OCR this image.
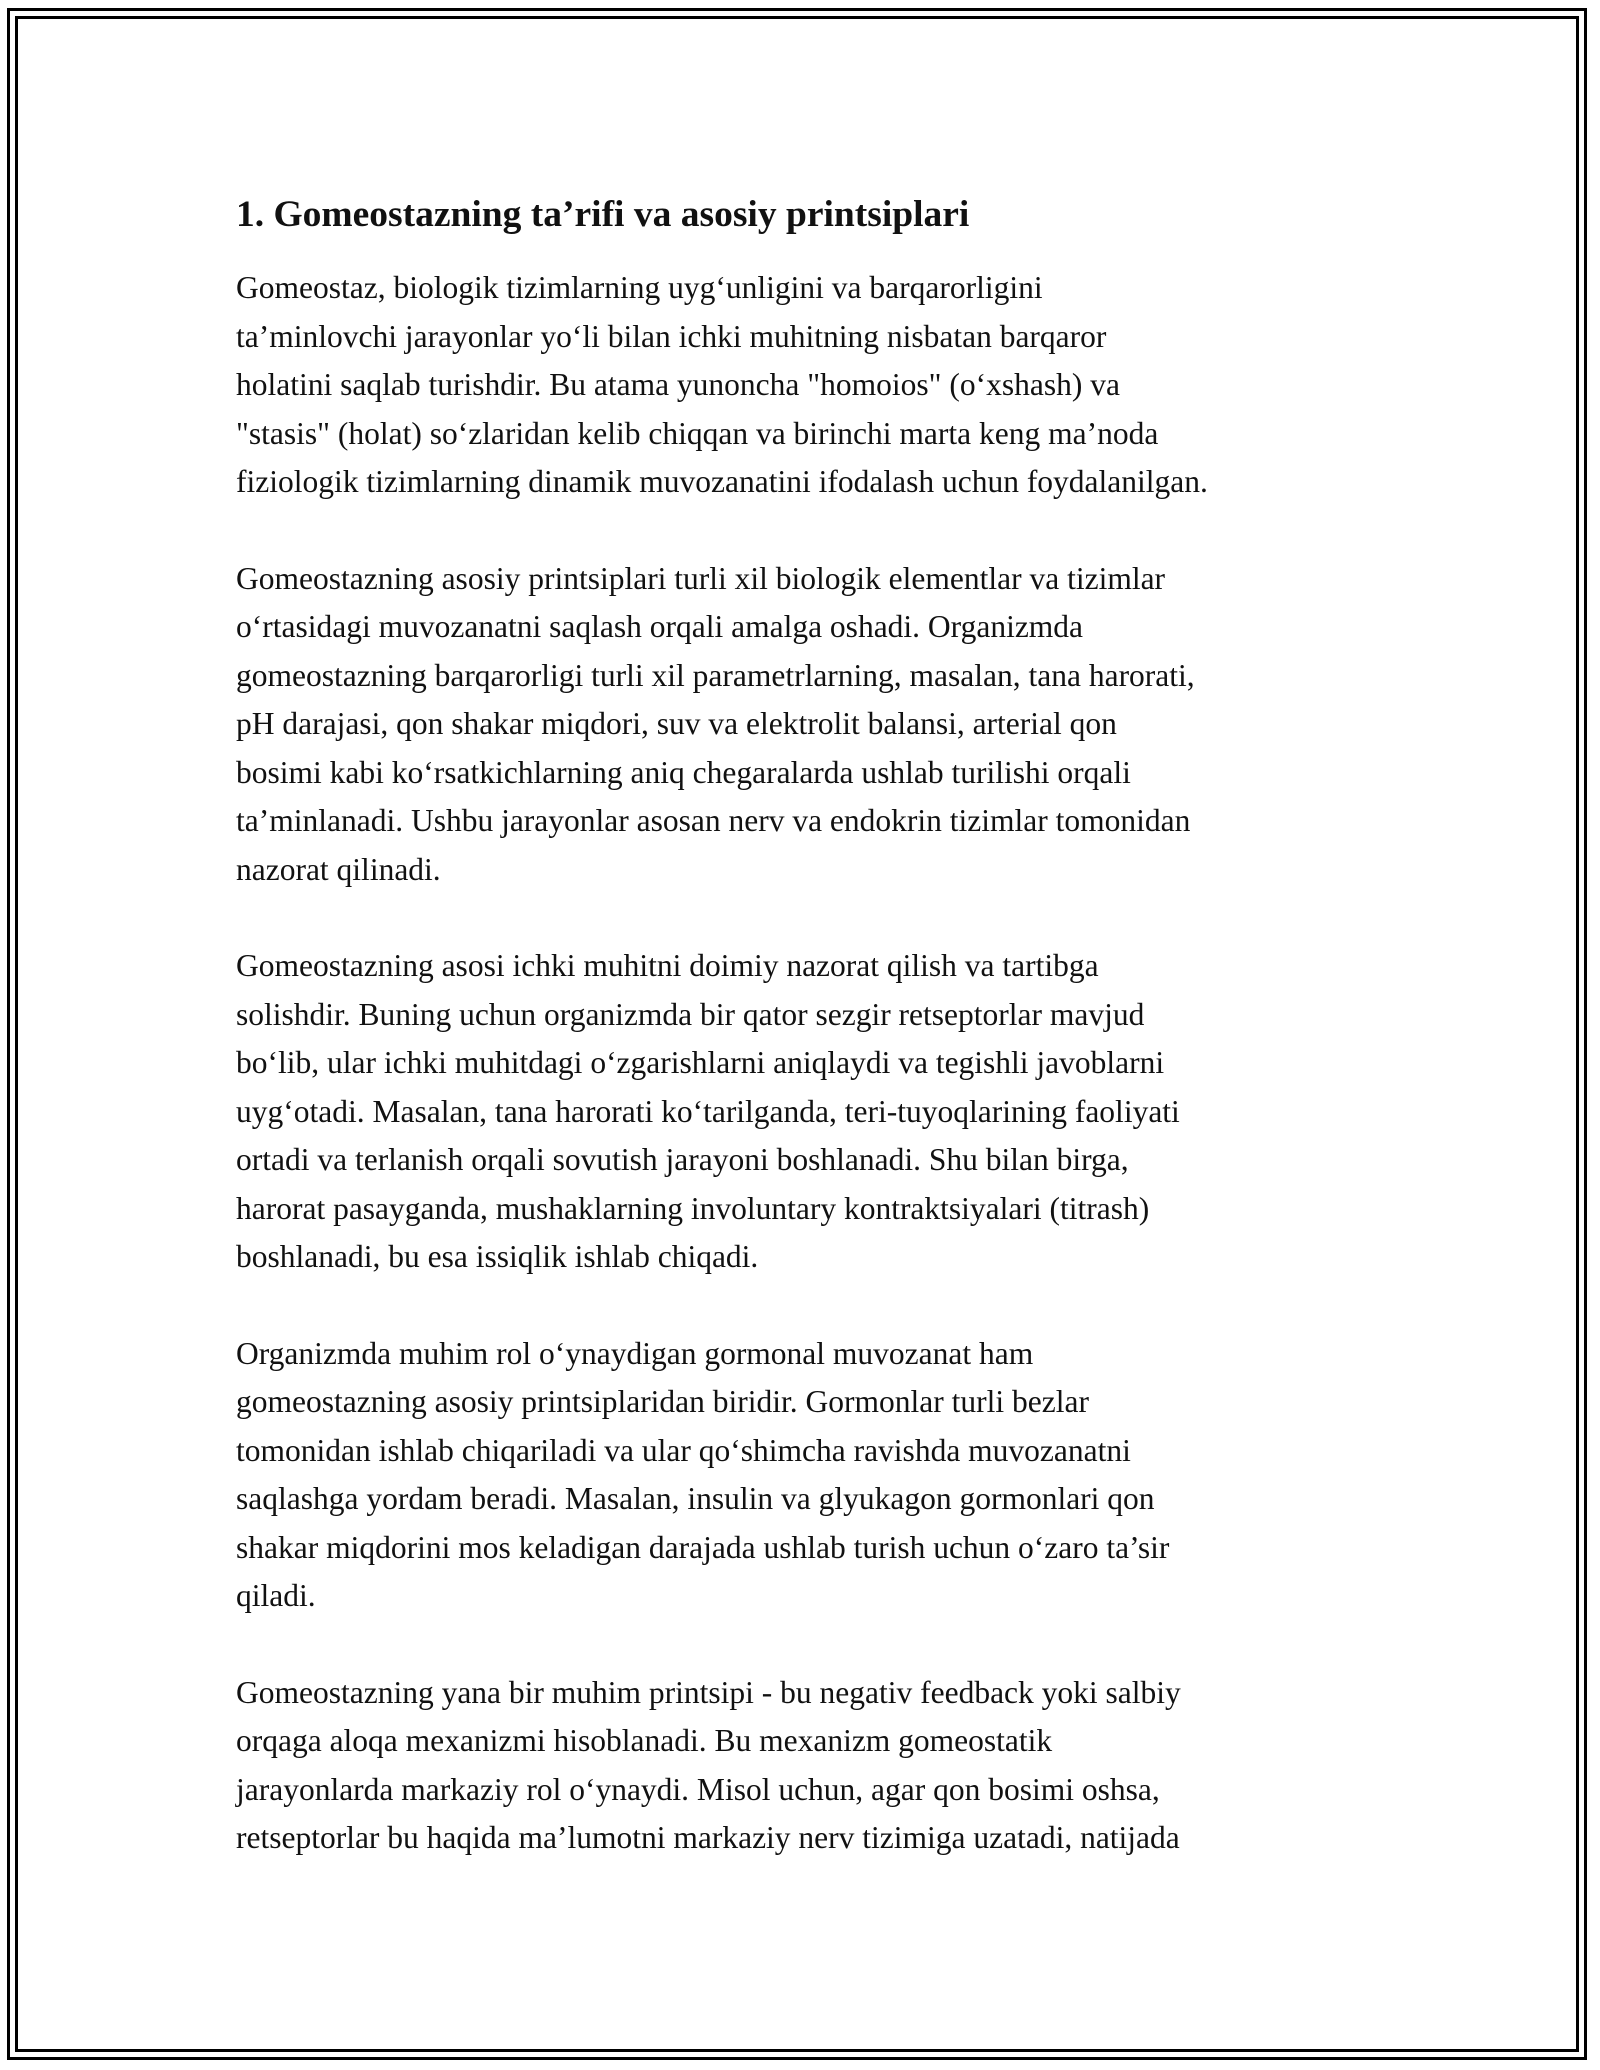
1. Gomeostazning ta’rifi va asosiy printsiplari

Gomeostaz, biologik tizimlarning uyg‘unligini va barqarorligini
ta’minlovchi jarayonlar yo‘li bilan ichki muhitning nisbatan barqaror
holatini saqlab turishdir. Bu atama yunoncha "homoios" (o‘xshash) va
"stasis" (holat) so‘zlaridan kelib chiqqan va birinchi marta keng ma’noda
fiziologik tizimlarning dinamik muvozanatini ifodalash uchun foydalanilgan.

Gomeostazning asosiy printsiplari turli xil biologik elementlar va tizimlar
o‘rtasidagi muvozanatni saqlash orqali amalga oshadi. Organizmda
gomeostazning barqarorligi turli xil parametrlarning, masalan, tana harorati,
pH darajasi, qon shakar miqdori, suv va elektrolit balansi, arterial qon
bosimi kabi ko‘rsatkichlarning aniq chegaralarda ushlab turilishi orqali
ta’minlanadi. Ushbu jarayonlar asosan nerv va endokrin tizimlar tomonidan
nazorat qilinadi.

Gomeostazning asosi ichki muhitni doimiy nazorat qilish va tartibga
solishdir. Buning uchun organizmda bir qator sezgir retseptorlar mavjud
bo‘lib, ular ichki muhitdagi o‘zgarishlarni aniqlaydi va tegishli javoblarni
uyg‘otadi. Masalan, tana harorati ko‘tarilganda, teri-tuyoqlarining faoliyati
ortadi va terlanish orqali sovutish jarayoni boshlanadi. Shu bilan birga,
harorat pasayganda, mushaklarning involuntary kontraktsiyalari (titrash)
boshlanadi, bu esa issiqlik ishlab chiqadi.

Organizmda muhim rol o‘ynaydigan gormonal muvozanat ham
gomeostazning asosiy printsiplaridan biridir. Gormonlar turli bezlar
tomonidan ishlab chiqariladi va ular qo‘shimcha ravishda muvozanatni
saqlashga yordam beradi. Masalan, insulin va glyukagon gormonlari qon
shakar miqdorini mos keladigan darajada ushlab turish uchun o‘zaro ta’sir
qiladi.

Gomeostazning yana bir muhim printsipi - bu negativ feedback yoki salbiy
orqaga aloqa mexanizmi hisoblanadi. Bu mexanizm gomeostatik
jarayonlarda markaziy rol o‘ynaydi. Misol uchun, agar qon bosimi oshsa,
retseptorlar bu haqida ma’lumotni markaziy nerv tizimiga uzatadi, natijada
